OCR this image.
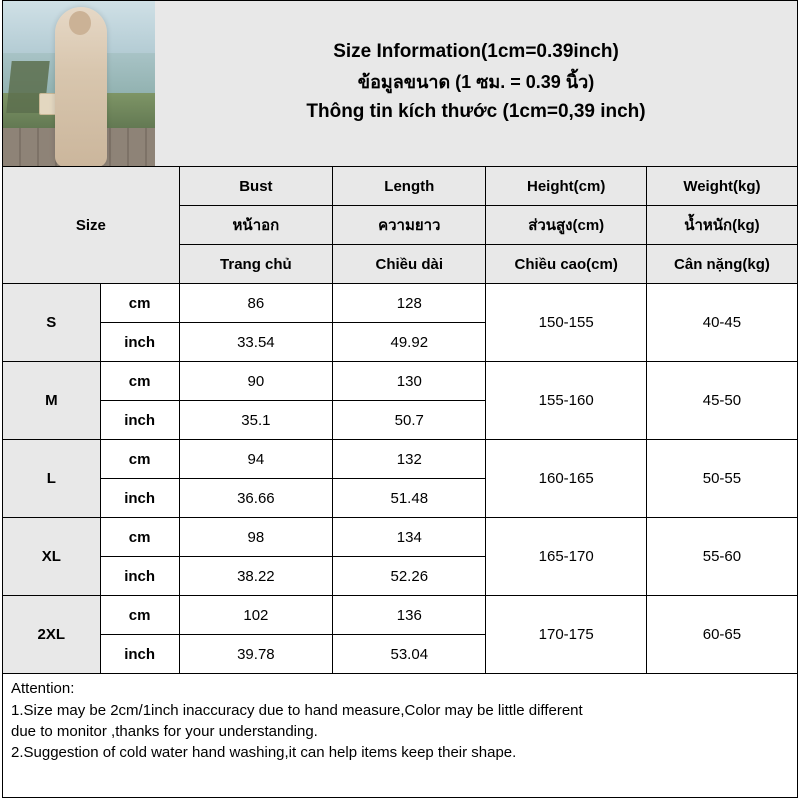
Size Information(1cm=0.39inch)
ข้อมูลขนาด (1 ซม. = 0.39 นิ้ว)
Thông tin kích thước (1cm=0,39 inch)
Size		Bust	Length	Height(cm)	Weight(kg)
		หน้าอก	ความยาว	ส่วนสูง(cm)	น้ำหนัก(kg)
		Trang chủ	Chiều dài	Chiều cao(cm)	Cân nặng(kg)
S	cm	86	128	150-155	40-45
	inch	33.54	49.92		
M	cm	90	130	155-160	45-50
	inch	35.1	50.7		
L	cm	94	132	160-165	50-55
	inch	36.66	51.48		
XL	cm	98	134	165-170	55-60
	inch	38.22	52.26		
2XL	cm	102	136	170-175	60-65
	inch	39.78	53.04		

Attention:

1.Size may be 2cm/1inch inaccuracy due to hand measure,Color may be little different

due to monitor ,thanks for your understanding.

2.Suggestion of cold water hand washing,it can help items keep their shape.
